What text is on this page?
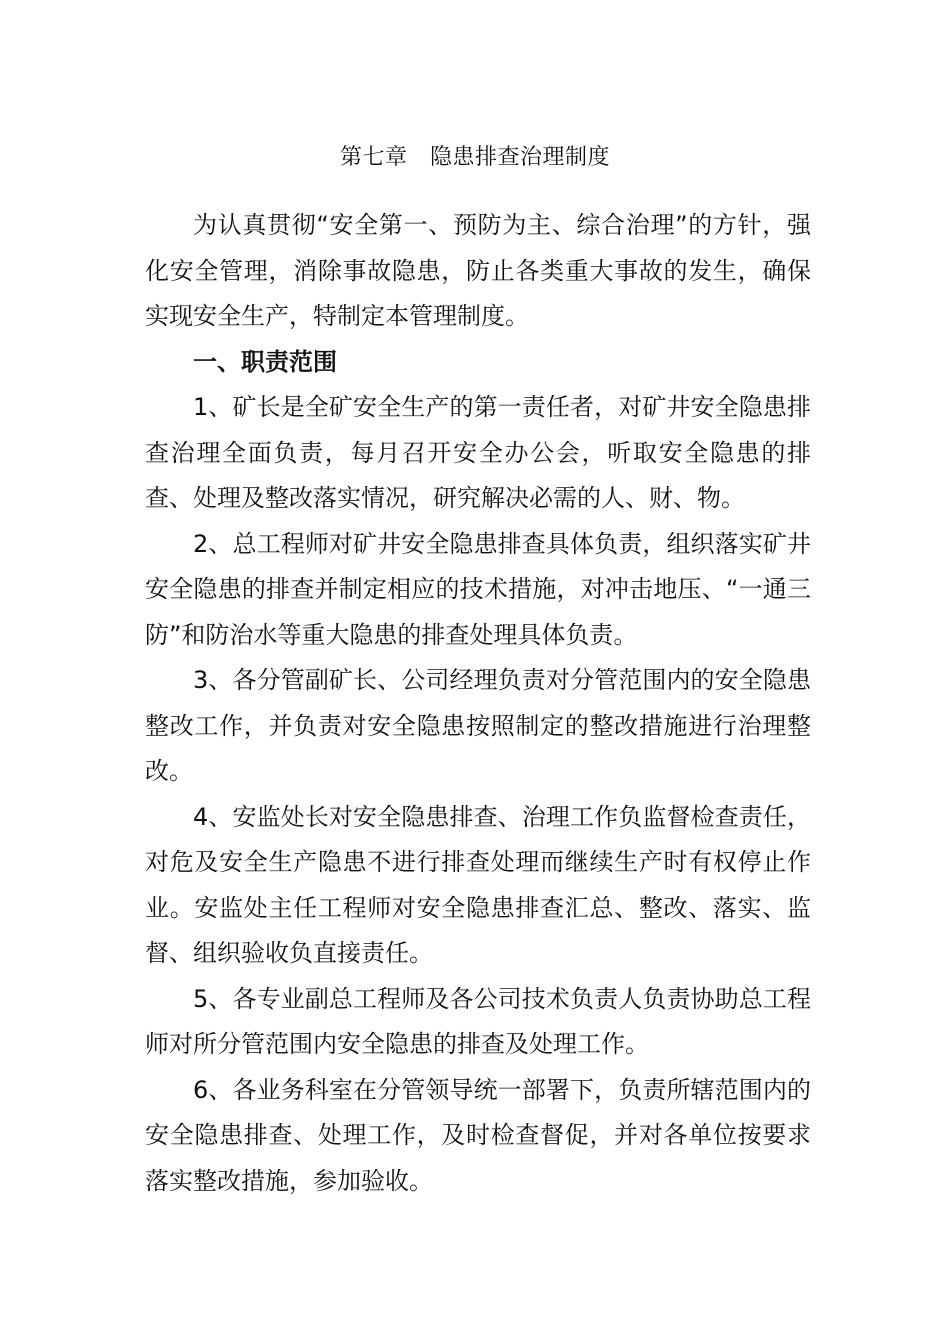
第七章　隐患排查治理制度

为认真贯彻“安全第一、预防为主、综合治理”的方针，强化安全管理，消除事故隐患，防止各类重大事故的发生，确保实现安全生产，特制定本管理制度。

一、职责范围

1、矿长是全矿安全生产的第一责任者，对矿井安全隐患排查治理全面负责，每月召开安全办公会，听取安全隐患的排查、处理及整改落实情况，研究解决必需的人、财、物。

2、总工程师对矿井安全隐患排查具体负责，组织落实矿井安全隐患的排查并制定相应的技术措施，对冲击地压、“一通三防”和防治水等重大隐患的排查处理具体负责。

3、各分管副矿长、公司经理负责对分管范围内的安全隐患整改工作，并负责对安全隐患按照制定的整改措施进行治理整改。

4、安监处长对安全隐患排查、治理工作负监督检查责任，对危及安全生产隐患不进行排查处理而继续生产时有权停止作业。安监处主任工程师对安全隐患排查汇总、整改、落实、监督、组织验收负直接责任。

5、各专业副总工程师及各公司技术负责人负责协助总工程师对所分管范围内安全隐患的排查及处理工作。

6、各业务科室在分管领导统一部署下，负责所辖范围内的安全隐患排查、处理工作，及时检查督促，并对各单位按要求落实整改措施，参加验收。
